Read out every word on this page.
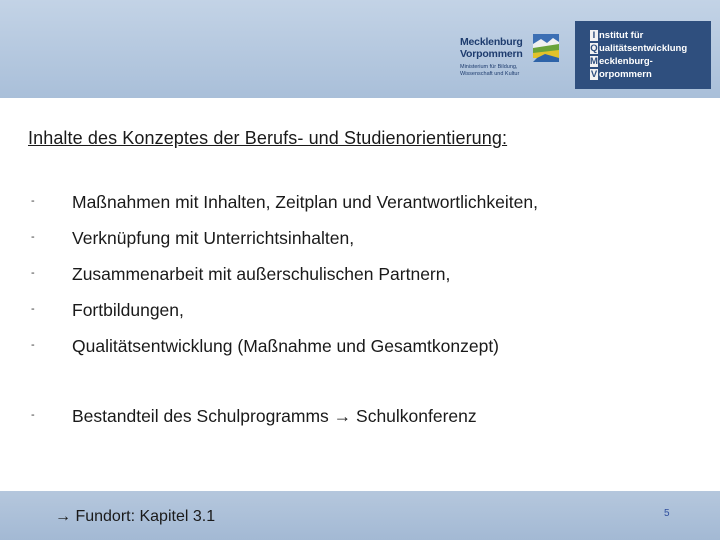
Mecklenburg
Vorpommern
Ministerium für Bildung,
Wissenschaft und Kultur
I nstitut für
Qualitätsentwicklung
Mecklenburg-
V orpommern
Inhalte des Konzeptes der Berufs- und Studienorientierung:
- Maßnahmen mit Inhalten, Zeitplan und Verantwortlichkeiten,
- Verknüpfung mit Unterrichtsinhalten,
- Zusammenarbeit mit außerschulischen Partnern,
- Fortbildungen,
- Qualitätsentwicklung (Maßnahme und Gesamtkonzept)
- Bestandteil des Schulprogramms → Schulkonferenz
→ Fundort: Kapitel 3.1	5
